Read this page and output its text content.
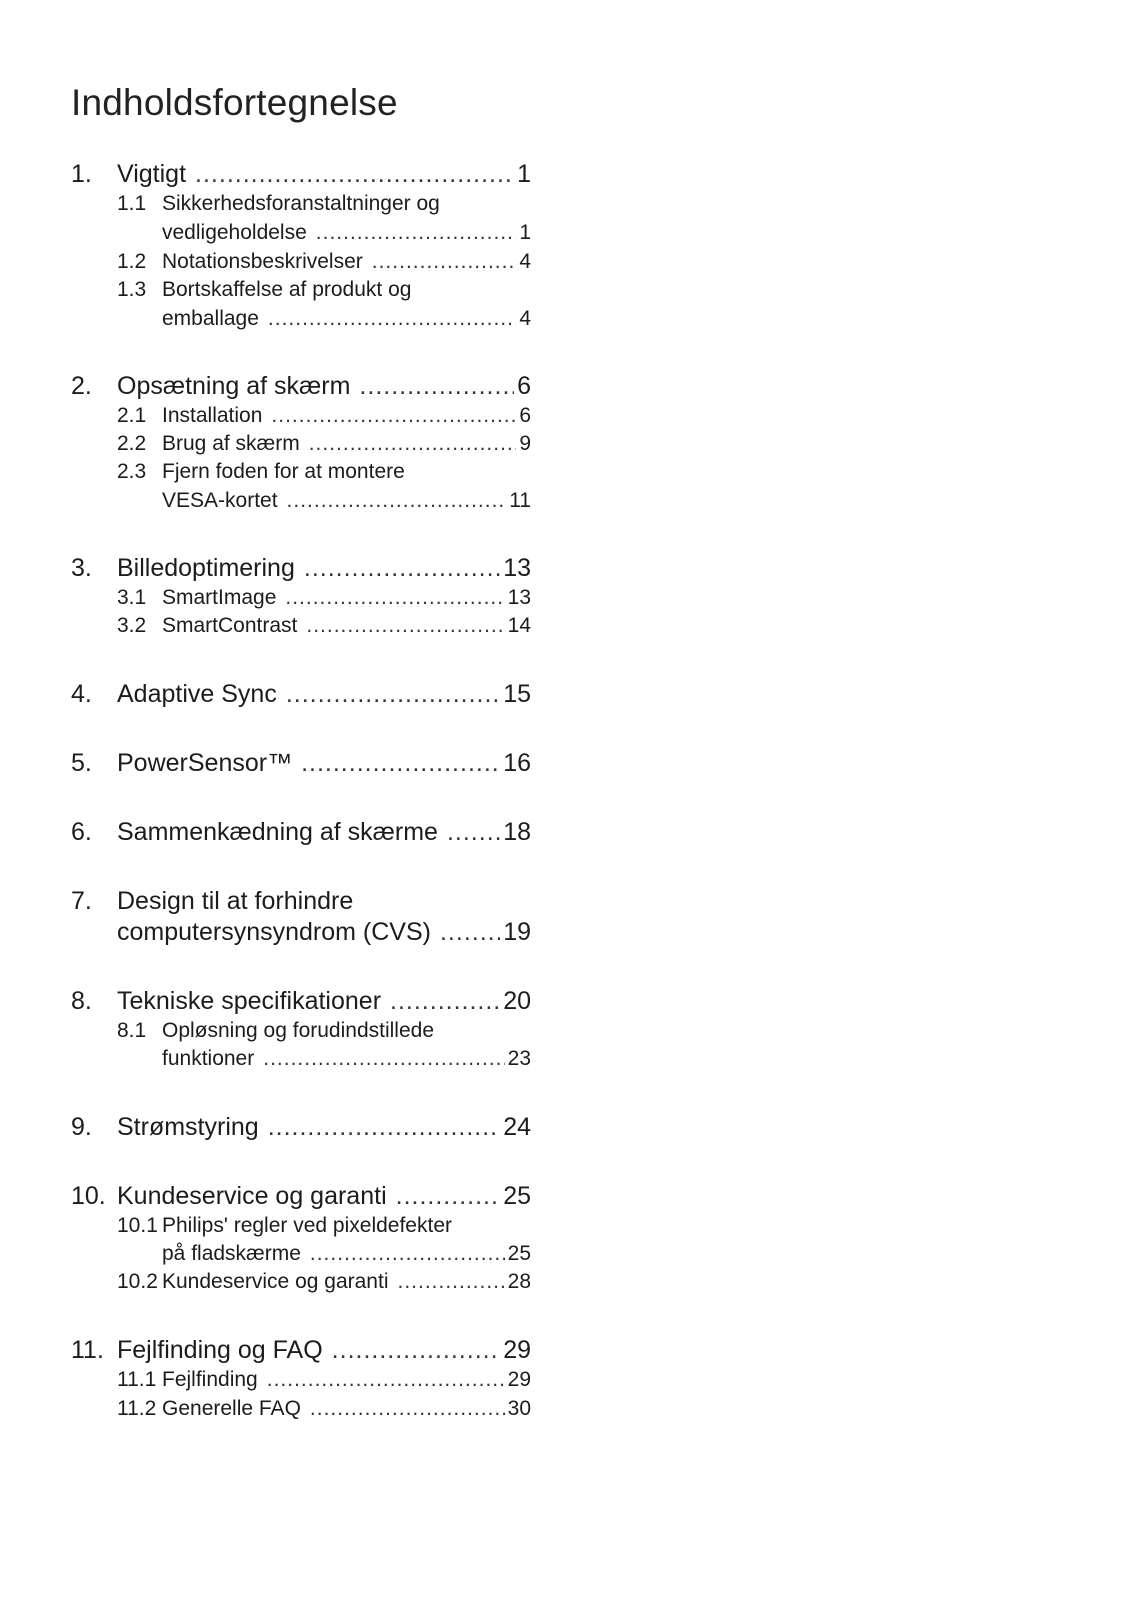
Indholdsfortegnelse
1. Vigtigt .....	1
1.1 Sikkerhedsforanstaltninger og
vedligeholdelse .....	1
1.2 Notationsbeskrivelser .....	4
1.3 Bortskaffelse af produkt og
emballage .....	4
2. Opsætning af skærm .....	6
2.1 Installation .....	6
2.2 Brug af skærm .....	9
2.3 Fjern foden for at montere
VESA-kortet .....	11
3. Billedoptimering .....	13
3.1 SmartImage .....	13
3.2 SmartContrast .....	14
4. Adaptive Sync .....	15
5. PowerSensor™ .....	16
6. Sammenkædning af skærme .....	18
7. Design til at forhindre
computersynsyndrom (CVS) .....	19
8. Tekniske specifikationer .....	20
8.1 Opløsning og forudindstillede
funktioner .....	23
9. Strømstyring .....	24
10. Kundeservice og garanti .....	25
10.1 Philips' regler ved pixeldefekter
på fladskærme .....	25
10.2 Kundeservice og garanti .....	28
11. Fejlfinding og FAQ .....	29
11.1 Fejlfinding .....	29
11.2 Generelle FAQ .....	30
